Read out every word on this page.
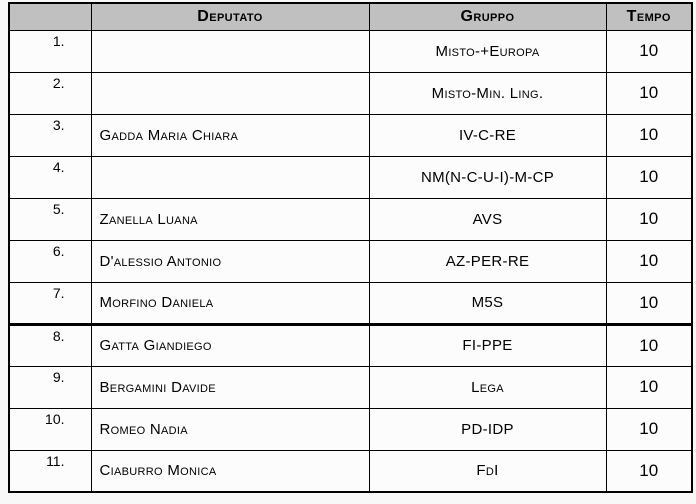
	Deputato	Gruppo	Tempo
1.		Misto-+Europa	10
2.		Misto-Min. Ling.	10
3.	Gadda Maria Chiara	IV-C-RE	10
4.		NM(N-C-U-I)-M-CP	10
5.	Zanella Luana	AVS	10
6.	D'alessio Antonio	AZ-PER-RE	10
7.	Morfino Daniela	M5S	10
8.	Gatta Giandiego	FI-PPE	10
9.	Bergamini Davide	Lega	10
10.	Romeo Nadia	PD-IDP	10
11.	Ciaburro Monica	FdI	10
